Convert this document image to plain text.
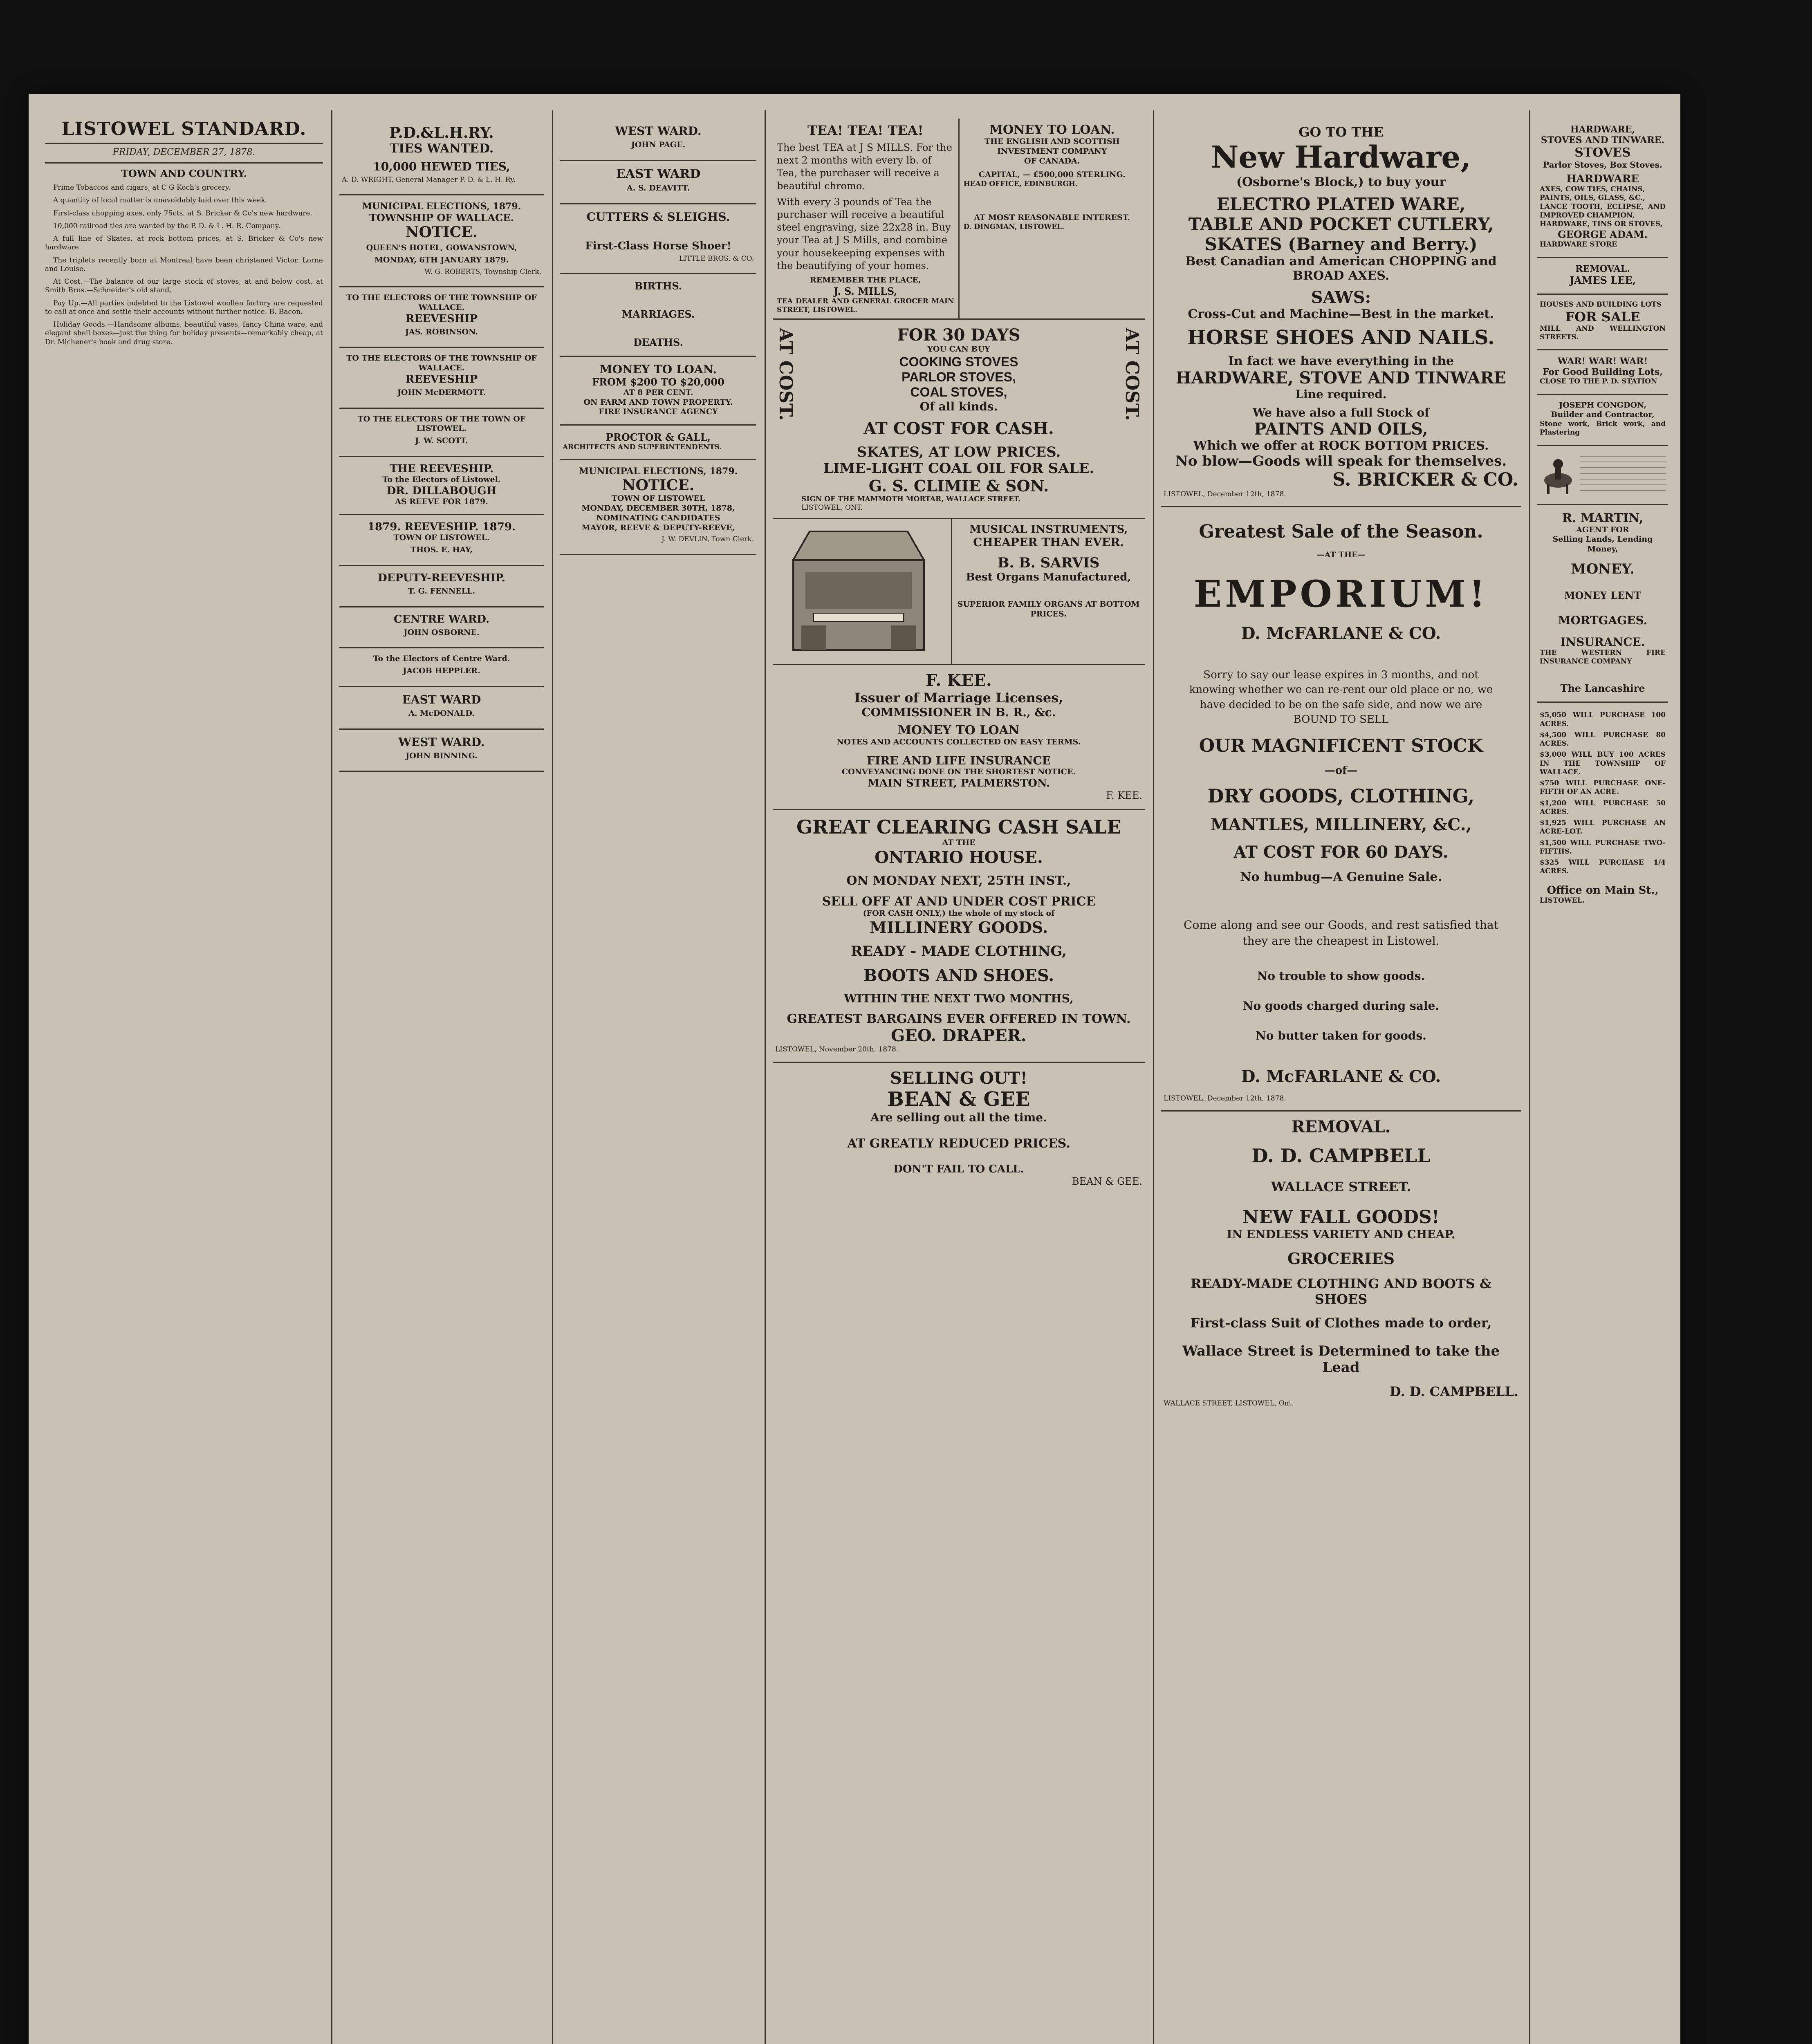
LISTOWEL STANDARD.
FRIDAY, DECEMBER 27, 1878.
TOWN AND COUNTRY.

Prime Tobaccos and cigars, at C G Koch's grocery.

A quantity of local matter is unavoidably laid over this week.

First-class chopping axes, only 75cts, at S. Bricker & Co's new hardware.

10,000 railroad ties are wanted by the P. D. & L. H. R. Company.

A full line of Skates, at rock bottom prices, at S. Bricker & Co's new hardware.

The triplets recently born at Montreal have been christened Victor, Lorne and Louise.

At Cost.—The balance of our large stock of stoves, at and below cost, at Smith Bros.—Schneider's old stand.

Pay Up.—All parties indebted to the Listowel woollen factory are requested to call at once and settle their accounts without further notice. B. Bacon.

Holiday Goods.—Handsome albums, beautiful vases, fancy China ware, and elegant shell boxes—just the thing for holiday presents—remarkably cheap, at Dr. Michener's book and drug store.

P.D.&L.H.RY.
TIES WANTED.
10,000 HEWED TIES,

A. D. WRIGHT, General Manager P. D. & L. H. Ry.

MUNICIPAL ELECTIONS, 1879.
TOWNSHIP OF WALLACE.
NOTICE.

QUEEN'S HOTEL, GOWANSTOWN,

MONDAY, 6TH JANUARY 1879.

W. G. ROBERTS, Township Clerk.

TO THE ELECTORS OF THE TOWNSHIP OF WALLACE.
REEVESHIP

JAS. ROBINSON.

TO THE ELECTORS OF THE TOWNSHIP OF WALLACE.
REEVESHIP

JOHN McDERMOTT.

TO THE ELECTORS OF THE TOWN OF LISTOWEL.

J. W. SCOTT.

THE REEVESHIP.
To the Electors of Listowel.
DR. DILLABOUGH
AS REEVE FOR 1879.
1879. REEVESHIP. 1879.
TOWN OF LISTOWEL.

THOS. E. HAY,

DEPUTY-REEVESHIP.

T. G. FENNELL.

CENTRE WARD.

JOHN OSBORNE.

To the Electors of Centre Ward.

JACOB HEPPLER.

EAST WARD

A. McDONALD.

WEST WARD.

JOHN BINNING.

WEST WARD.

JOHN PAGE.

EAST WARD

A. S. DEAVITT.

CUTTERS & SLEIGHS.
First-Class Horse Shoer!

LITTLE BROS. & CO.

BIRTHS.
MARRIAGES.
DEATHS.
MONEY TO LOAN.
FROM $200 TO $20,000
AT 8 PER CENT.
ON FARM AND TOWN PROPERTY.
FIRE INSURANCE AGENCY
PROCTOR & GALL,
ARCHITECTS AND SUPERINTENDENTS.
MUNICIPAL ELECTIONS, 1879.
NOTICE.
TOWN OF LISTOWEL
MONDAY, DECEMBER 30TH, 1878,
NOMINATING CANDIDATES
MAYOR, REEVE & DEPUTY-REEVE,

J. W. DEVLIN, Town Clerk.

TEA! TEA! TEA!

The best TEA at J S MILLS. For the next 2 months with every lb. of Tea, the purchaser will receive a beautiful chromo.

With every 3 pounds of Tea the purchaser will receive a beautiful steel engraving, size 22x28 in. Buy your Tea at J S Mills, and combine your housekeeping expenses with the beautifying of your homes.

REMEMBER THE PLACE,
J. S. MILLS,
TEA DEALER AND GENERAL GROCER MAIN STREET, LISTOWEL.
MONEY TO LOAN.
THE ENGLISH AND SCOTTISH INVESTMENT COMPANY
OF CANADA.
CAPITAL, — £500,000 STERLING.
HEAD OFFICE, EDINBURGH.
AT MOST REASONABLE INTEREST.
D. DINGMAN, LISTOWEL.
AT COST.	AT COST.
FOR 30 DAYS
YOU CAN BUY
COOKING STOVES
PARLOR STOVES,
COAL STOVES,
Of all kinds.
AT COST FOR CASH.
SKATES, AT LOW PRICES.
LIME-LIGHT COAL OIL FOR SALE.
G. S. CLIMIE & SON.
SIGN OF THE MAMMOTH MORTAR, WALLACE STREET.
LISTOWEL, ONT.
MUSICAL INSTRUMENTS,
CHEAPER THAN EVER.
B. B. SARVIS
Best Organs Manufactured,
SUPERIOR FAMILY ORGANS AT BOTTOM PRICES.
F. KEE.
Issuer of Marriage Licenses,
COMMISSIONER IN B. R., &c.
MONEY TO LOAN
NOTES AND ACCOUNTS COLLECTED ON EASY TERMS.
FIRE AND LIFE INSURANCE
CONVEYANCING DONE ON THE SHORTEST NOTICE.
MAIN STREET, PALMERSTON.
F. KEE.
GREAT CLEARING CASH SALE
AT THE
ONTARIO HOUSE.
ON MONDAY NEXT, 25TH INST.,
SELL OFF AT AND UNDER COST PRICE
(FOR CASH ONLY,) the whole of my stock of
MILLINERY GOODS.
READY - MADE CLOTHING,
BOOTS AND SHOES.
WITHIN THE NEXT TWO MONTHS,
GREATEST BARGAINS EVER OFFERED IN TOWN.
GEO. DRAPER.
LISTOWEL, November 20th, 1878.
SELLING OUT!
BEAN & GEE
Are selling out all the time.
AT GREATLY REDUCED PRICES.
DON'T FAIL TO CALL.
BEAN & GEE.
GO TO THE
New Hardware,
(Osborne's Block,) to buy your
ELECTRO PLATED WARE,
TABLE AND POCKET CUTLERY,
SKATES (Barney and Berry.)
Best Canadian and American CHOPPING and BROAD AXES.
SAWS:
Cross-Cut and Machine—Best in the market.
HORSE SHOES AND NAILS.
In fact we have everything in the
HARDWARE, STOVE AND TINWARE
Line required.
We have also a full Stock of
PAINTS AND OILS,
Which we offer at ROCK BOTTOM PRICES.
No blow—Goods will speak for themselves.
S. BRICKER & CO.
LISTOWEL, December 12th, 1878.
Greatest Sale of the Season.
—AT THE—
EMPORIUM!
D. McFARLANE & CO.

Sorry to say our lease expires in 3 months, and not knowing whether we can re-rent our old place or no, we have decided to be on the safe side, and now we are BOUND TO SELL

OUR MAGNIFICENT STOCK
—of—
DRY GOODS, CLOTHING,
MANTLES, MILLINERY, &C.,
AT COST FOR 60 DAYS.
No humbug—A Genuine Sale.

Come along and see our Goods, and rest satisfied that they are the cheapest in Listowel.

No trouble to show goods.
No goods charged during sale.
No butter taken for goods.
D. McFARLANE & CO.
LISTOWEL, December 12th, 1878.
REMOVAL.
D. D. CAMPBELL
WALLACE STREET.
NEW FALL GOODS!
IN ENDLESS VARIETY AND CHEAP.
GROCERIES
READY-MADE CLOTHING AND BOOTS & SHOES
First-class Suit of Clothes made to order,
Wallace Street is Determined to take the Lead
D. D. CAMPBELL.
WALLACE STREET, LISTOWEL, Ont.
HARDWARE,
STOVES AND TINWARE.
STOVES
Parlor Stoves, Box Stoves.
HARDWARE
AXES, COW TIES, CHAINS,
PAINTS, OILS, GLASS, &C.,
LANCE TOOTH, ECLIPSE, AND IMPROVED CHAMPION,
HARDWARE, TINS OR STOVES,
GEORGE ADAM.
HARDWARE STORE
REMOVAL.
JAMES LEE,
HOUSES AND BUILDING LOTS
FOR SALE
MILL AND WELLINGTON STREETS.
WAR! WAR! WAR!
For Good Building Lots,
CLOSE TO THE P. D. STATION
JOSEPH CONGDON,
Builder and Contractor,
Stone work, Brick work, and Plastering
R. MARTIN,
AGENT FOR
Selling Lands, Lending Money,
MONEY.
MONEY LENT
MORTGAGES.
INSURANCE.
THE WESTERN FIRE INSURANCE COMPANY
The Lancashire

$5,050 WILL PURCHASE 100 ACRES.

$4,500 WILL PURCHASE 80 ACRES.

$3,000 WILL BUY 100 ACRES IN THE TOWNSHIP OF WALLACE.

$750 WILL PURCHASE ONE-FIFTH OF AN ACRE.

$1,200 WILL PURCHASE 50 ACRES.

$1,925 WILL PURCHASE AN ACRE-LOT.

$1,500 WILL PURCHASE TWO-FIFTHS.

$325 WILL PURCHASE 1/4 ACRES.

Office on Main St.,
LISTOWEL.
